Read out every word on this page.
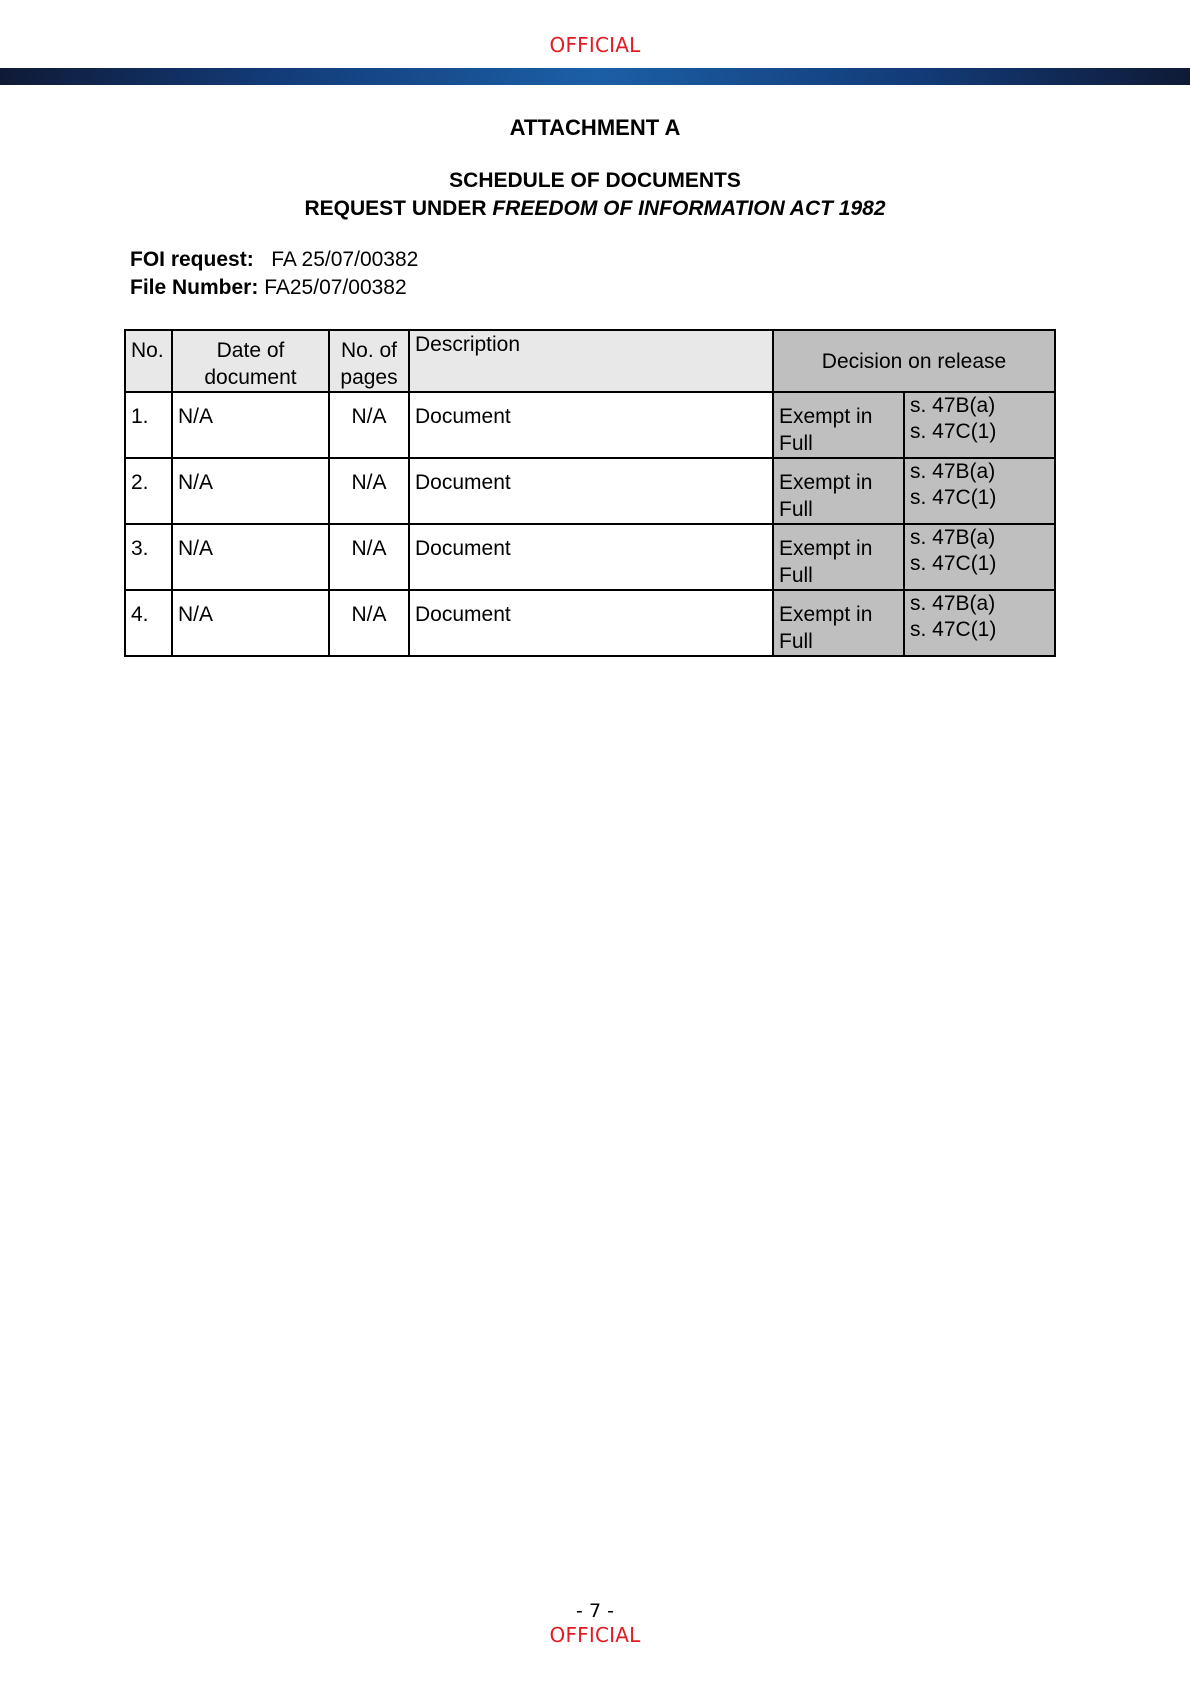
OFFICIAL
ATTACHMENT A
SCHEDULE OF DOCUMENTS
REQUEST UNDER FREEDOM OF INFORMATION ACT 1982
FOI request: FA 25/07/00382
File Number: FA25/07/00382
No.	Date of document	No. of pages	Description	Decision on release	
1.	N/A	N/A	Document	Exempt in Full	s. 47B(a)
s. 47C(1)

2.	N/A	N/A	Document	Exempt in Full	s. 47B(a)
s. 47C(1)

3.	N/A	N/A	Document	Exempt in Full	s. 47B(a)
s. 47C(1)

4.	N/A	N/A	Document	Exempt in Full	s. 47B(a)
s. 47C(1)
- 7 -
OFFICIAL
